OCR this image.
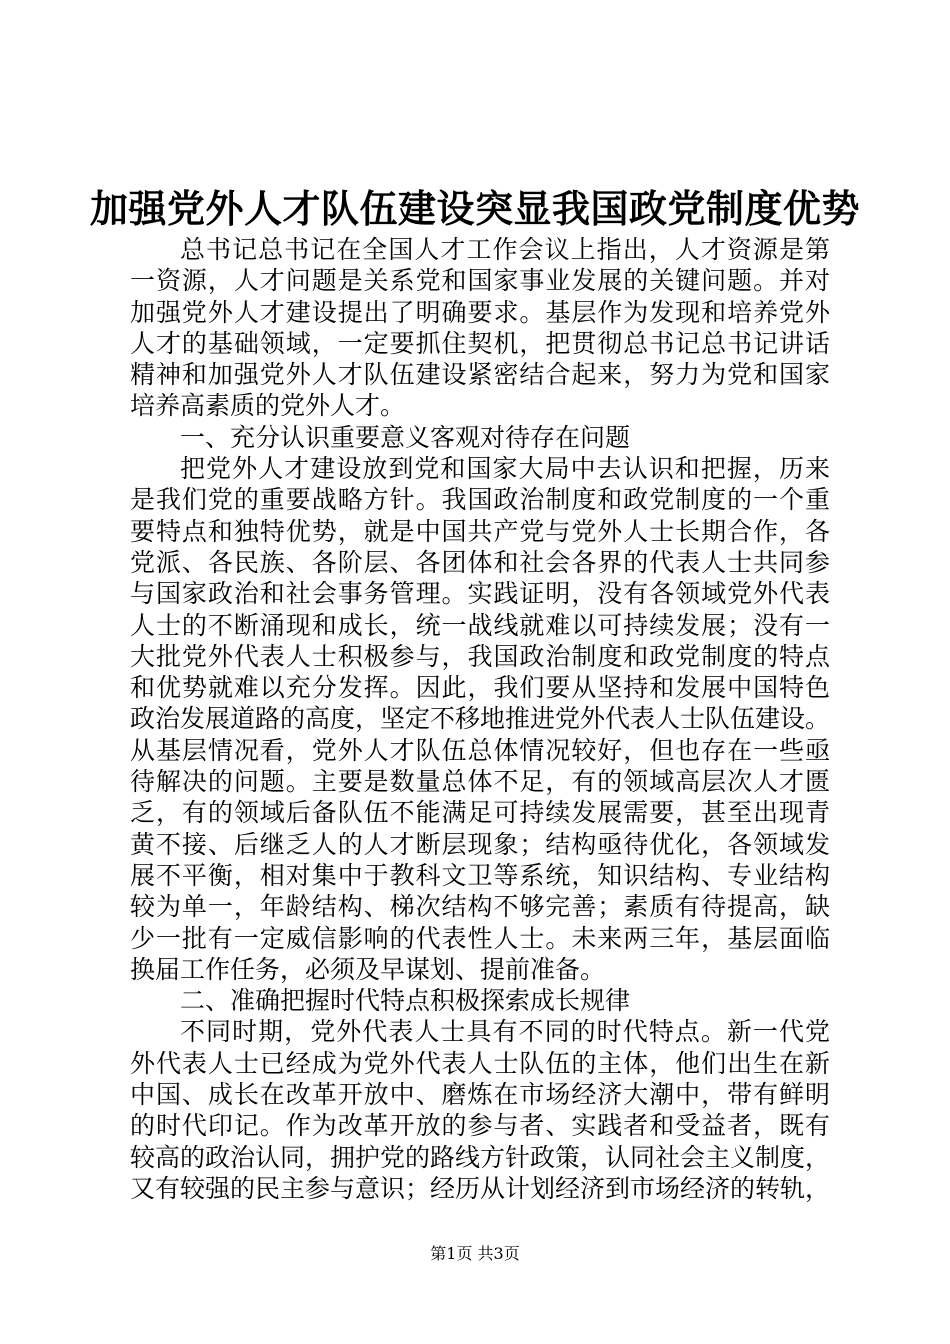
加强党外人才队伍建设突显我国政党制度优势
总书记总书记在全国人才工作会议上指出，人才资源是第
一资源，人才问题是关系党和国家事业发展的关键问题。并对
加强党外人才建设提出了明确要求。基层作为发现和培养党外
人才的基础领域，一定要抓住契机，把贯彻总书记总书记讲话
精神和加强党外人才队伍建设紧密结合起来，努力为党和国家
培养高素质的党外人才。
一、充分认识重要意义客观对待存在问题
把党外人才建设放到党和国家大局中去认识和把握，历来
是我们党的重要战略方针。我国政治制度和政党制度的一个重
要特点和独特优势，就是中国共产党与党外人士长期合作，各
党派、各民族、各阶层、各团体和社会各界的代表人士共同参
与国家政治和社会事务管理。实践证明，没有各领域党外代表
人士的不断涌现和成长，统一战线就难以可持续发展；没有一
大批党外代表人士积极参与，我国政治制度和政党制度的特点
和优势就难以充分发挥。因此，我们要从坚持和发展中国特色
政治发展道路的高度，坚定不移地推进党外代表人士队伍建设。
从基层情况看，党外人才队伍总体情况较好，但也存在一些亟
待解决的问题。主要是数量总体不足，有的领域高层次人才匮
乏，有的领域后备队伍不能满足可持续发展需要，甚至出现青
黄不接、后继乏人的人才断层现象；结构亟待优化，各领域发
展不平衡，相对集中于教科文卫等系统，知识结构、专业结构
较为单一，年龄结构、梯次结构不够完善；素质有待提高，缺
少一批有一定威信影响的代表性人士。未来两三年，基层面临
换届工作任务，必须及早谋划、提前准备。
二、准确把握时代特点积极探索成长规律
不同时期，党外代表人士具有不同的时代特点。新一代党
外代表人士已经成为党外代表人士队伍的主体，他们出生在新
中国、成长在改革开放中、磨炼在市场经济大潮中，带有鲜明
的时代印记。作为改革开放的参与者、实践者和受益者，既有
较高的政治认同，拥护党的路线方针政策，认同社会主义制度，
又有较强的民主参与意识；经历从计划经济到市场经济的转轨，
第1页 共3页
